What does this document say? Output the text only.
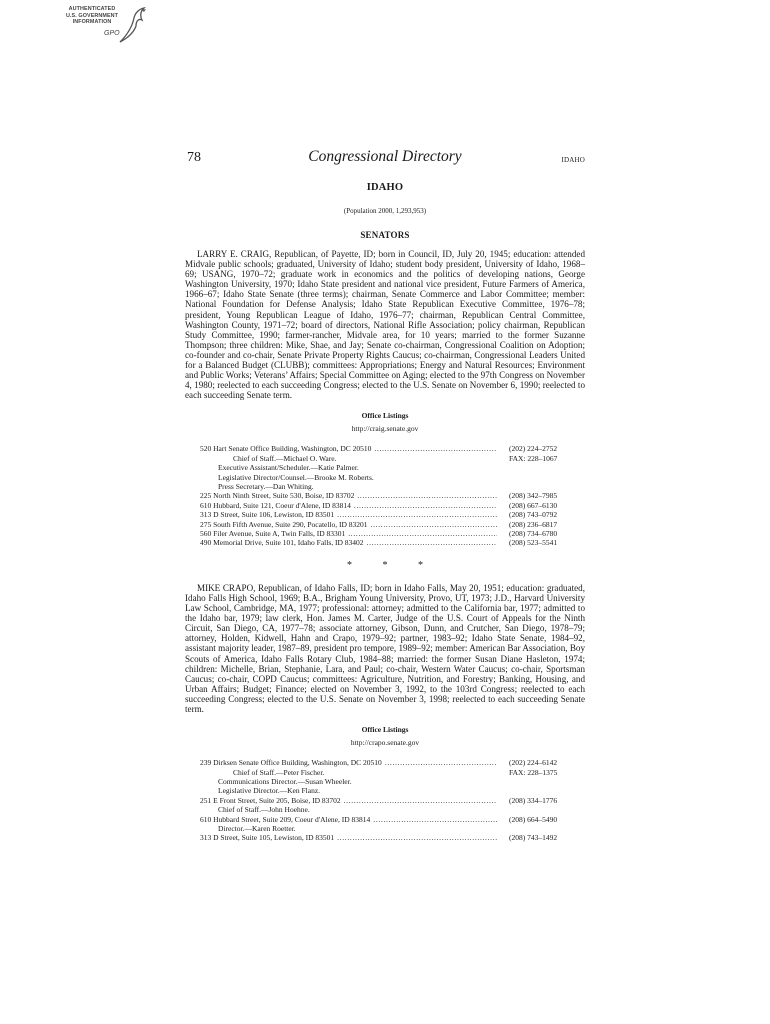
AUTHENTICATED
U.S. GOVERNMENT
INFORMATION
GPO
78	Congressional Directory	IDAHO
IDAHO
(Population 2000, 1,293,953)
SENATORS

LARRY E. CRAIG, Republican, of Payette, ID; born in Council, ID, July 20, 1945; education: attended Midvale public schools; graduated, University of Idaho; student body president, University of Idaho, 1968–69; USANG, 1970–72; graduate work in economics and the politics of developing nations, George Washington University, 1970; Idaho State president and national vice president, Future Farmers of America, 1966–67; Idaho State Senate (three terms); chairman, Senate Commerce and Labor Committee; member: National Foundation for Defense Analysis; Idaho State Republican Executive Committee, 1976–78; president, Young Republican League of Idaho, 1976–77; chairman, Republican Central Committee, Washington County, 1971–72; board of directors, National Rifle Association; policy chairman, Republican Study Committee, 1990; farmer-rancher, Midvale area, for 10 years; married to the former Suzanne Thompson; three children: Mike, Shae, and Jay; Senate co-chairman, Congressional Coalition on Adoption; co-founder and co-chair, Senate Private Property Rights Caucus; co-chairman, Congressional Leaders United for a Balanced Budget (CLUBB); committees: Appropriations; Energy and Natural Resources; Environment and Public Works; Veterans’ Affairs; Special Committee on Aging; elected to the 97th Congress on November 4, 1980; reelected to each succeeding Congress; elected to the U.S. Senate on November 6, 1990; reelected to each succeeding Senate term.

Office Listings
http://craig.senate.gov
520 Hart Senate Office Building, Washington, DC 20510 . . .	(202) 224–2752
Chief of Staff.—Michael O. Ware.	FAX: 228–1067
Executive Assistant/Scheduler.—Katie Palmer.
Legislative Director/Counsel.—Brooke M. Roberts.
Press Secretary.—Dan Whiting.
225 North Ninth Street, Suite 530, Boise, ID 83702 . . .	(208) 342–7985
610 Hubbard, Suite 121, Coeur d'Alene, ID 83814 . . .	(208) 667–6130
313 D Street, Suite 106, Lewiston, ID 83501 . . .	(208) 743–0792
275 South Fifth Avenue, Suite 290, Pocatello, ID 83201 . . .	(208) 236–6817
560 Filer Avenue, Suite A, Twin Falls, ID 83301 . . .	(208) 734–6780
490 Memorial Drive, Suite 101, Idaho Falls, ID 83402 . . .	(208) 523–5541
* * *

MIKE CRAPO, Republican, of Idaho Falls, ID; born in Idaho Falls, May 20, 1951; education: graduated, Idaho Falls High School, 1969; B.A., Brigham Young University, Provo, UT, 1973; J.D., Harvard University Law School, Cambridge, MA, 1977; professional: attorney; admitted to the California bar, 1977; admitted to the Idaho bar, 1979; law clerk, Hon. James M. Carter, Judge of the U.S. Court of Appeals for the Ninth Circuit, San Diego, CA, 1977–78; associate attorney, Gibson, Dunn, and Crutcher, San Diego, 1978–79; attorney, Holden, Kidwell, Hahn and Crapo, 1979–92; partner, 1983–92; Idaho State Senate, 1984–92, assistant majority leader, 1987–89, president pro tempore, 1989–92; member: American Bar Association, Boy Scouts of America, Idaho Falls Rotary Club, 1984–88; married: the former Susan Diane Hasleton, 1974; children: Michelle, Brian, Stephanie, Lara, and Paul; co-chair, Western Water Caucus; co-chair, Sportsman Caucus; co-chair, COPD Caucus; committees: Agriculture, Nutrition, and Forestry; Banking, Housing, and Urban Affairs; Budget; Finance; elected on November 3, 1992, to the 103rd Congress; reelected to each succeeding Congress; elected to the U.S. Senate on November 3, 1998; reelected to each succeeding Senate term.

Office Listings
http://crapo.senate.gov
239 Dirksen Senate Office Building, Washington, DC 20510 . . .	(202) 224–6142
Chief of Staff.—Peter Fischer.	FAX: 228–1375
Communications Director.—Susan Wheeler.
Legislative Director.—Ken Flanz.
251 E Front Street, Suite 205, Boise, ID 83702 . . .	(208) 334–1776
Chief of Staff.—John Hoehne.
610 Hubbard Street, Suite 209, Coeur d'Alene, ID 83814 . . .	(208) 664–5490
Director.—Karen Roetter.
313 D Street, Suite 105, Lewiston, ID 83501 . . .	(208) 743–1492
